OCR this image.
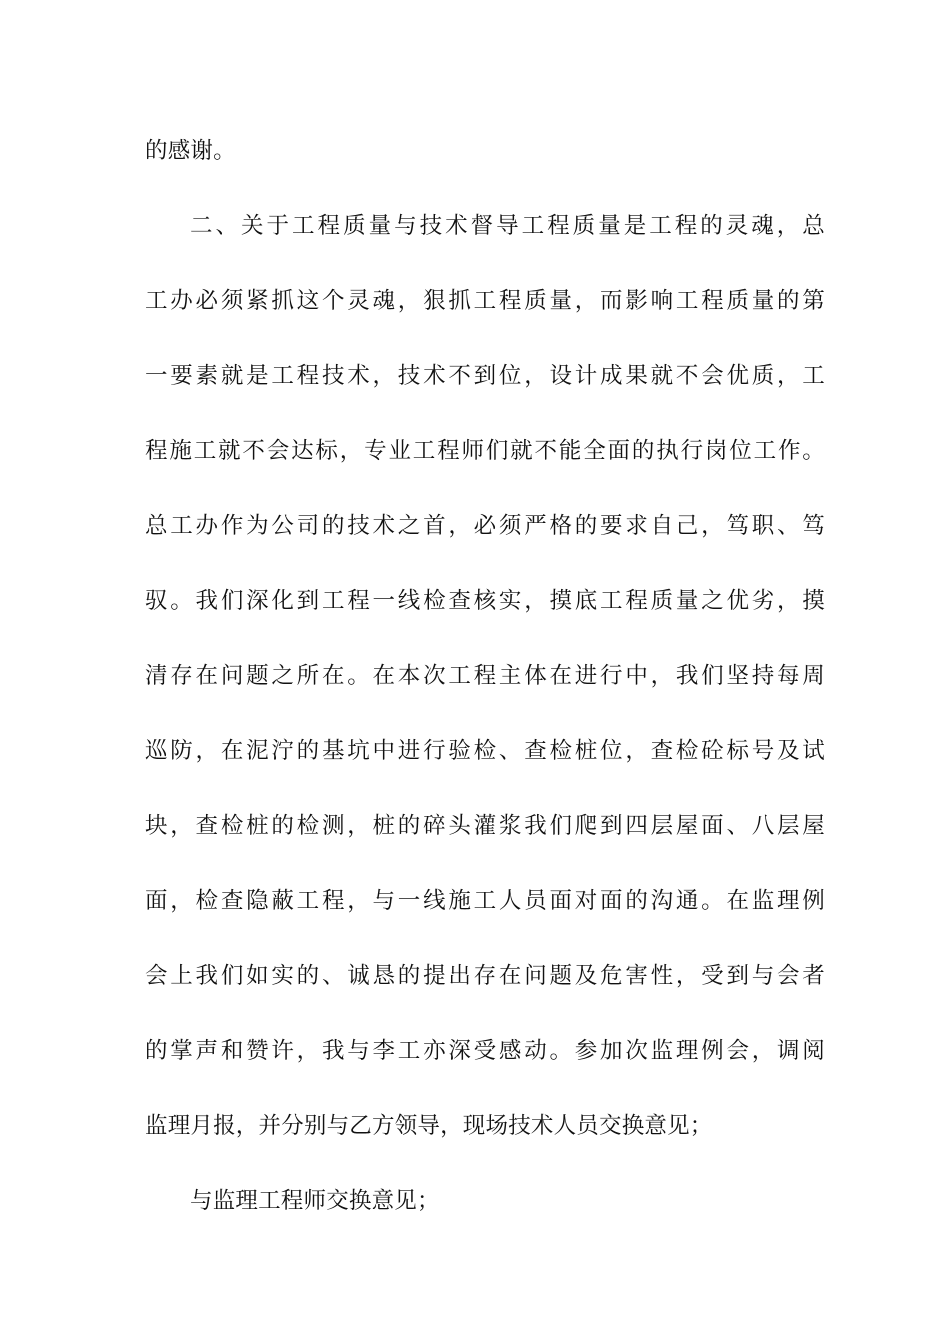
的感谢。
二、关于工程质量与技术督导工程质量是工程的灵魂，总
工办必须紧抓这个灵魂，狠抓工程质量，而影响工程质量的第
一要素就是工程技术，技术不到位，设计成果就不会优质，工
程施工就不会达标，专业工程师们就不能全面的执行岗位工作。
总工办作为公司的技术之首，必须严格的要求自己，笃职、笃
驭。我们深化到工程一线检查核实，摸底工程质量之优劣，摸
清存在问题之所在。在本次工程主体在进行中，我们坚持每周
巡防，在泥泞的基坑中进行验检、查检桩位，查检砼标号及试
块，查检桩的检测，桩的碎头灌浆我们爬到四层屋面、八层屋
面，检查隐蔽工程，与一线施工人员面对面的沟通。在监理例
会上我们如实的、诚恳的提出存在问题及危害性，受到与会者
的掌声和赞许，我与李工亦深受感动。参加次监理例会，调阅
监理月报，并分别与乙方领导，现场技术人员交换意见；
与监理工程师交换意见；
